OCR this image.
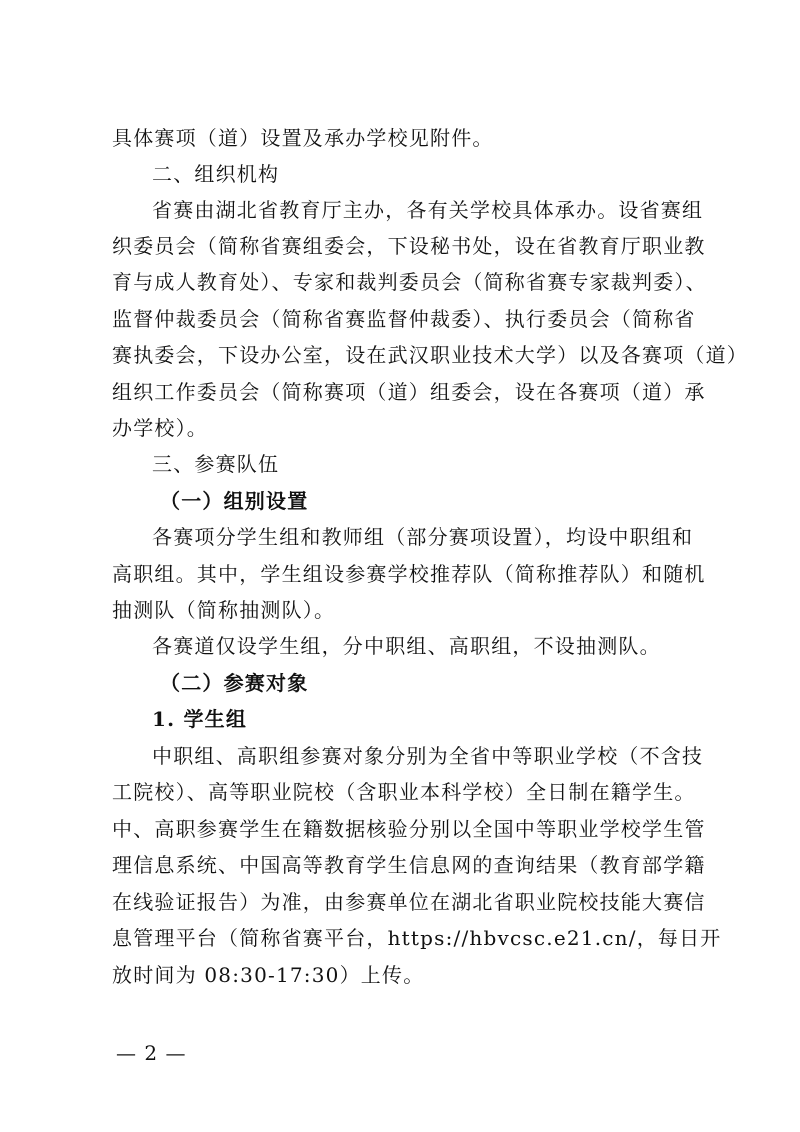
具体赛项（道）设置及承办学校见附件。
二、组织机构
省赛由湖北省教育厅主办，各有关学校具体承办。设省赛组
织委员会（简称省赛组委会，下设秘书处，设在省教育厅职业教
育与成人教育处）、专家和裁判委员会（简称省赛专家裁判委）、
监督仲裁委员会（简称省赛监督仲裁委）、执行委员会（简称省
赛执委会，下设办公室，设在武汉职业技术大学）以及各赛项（道）
组织工作委员会（简称赛项（道）组委会，设在各赛项（道）承
办学校）。
三、参赛队伍
（一）组别设置
各赛项分学生组和教师组（部分赛项设置），均设中职组和
高职组。其中，学生组设参赛学校推荐队（简称推荐队）和随机
抽测队（简称抽测队）。
各赛道仅设学生组，分中职组、高职组，不设抽测队。
（二）参赛对象
1. 学生组
中职组、高职组参赛对象分别为全省中等职业学校（不含技
工院校）、高等职业院校（含职业本科学校）全日制在籍学生。
中、高职参赛学生在籍数据核验分别以全国中等职业学校学生管
理信息系统、中国高等教育学生信息网的查询结果（教育部学籍
在线验证报告）为准，由参赛单位在湖北省职业院校技能大赛信
息管理平台（简称省赛平台，https://hbvcsc.e21.cn/，每日开
放时间为 08:30-17:30）上传。
— 2 —
